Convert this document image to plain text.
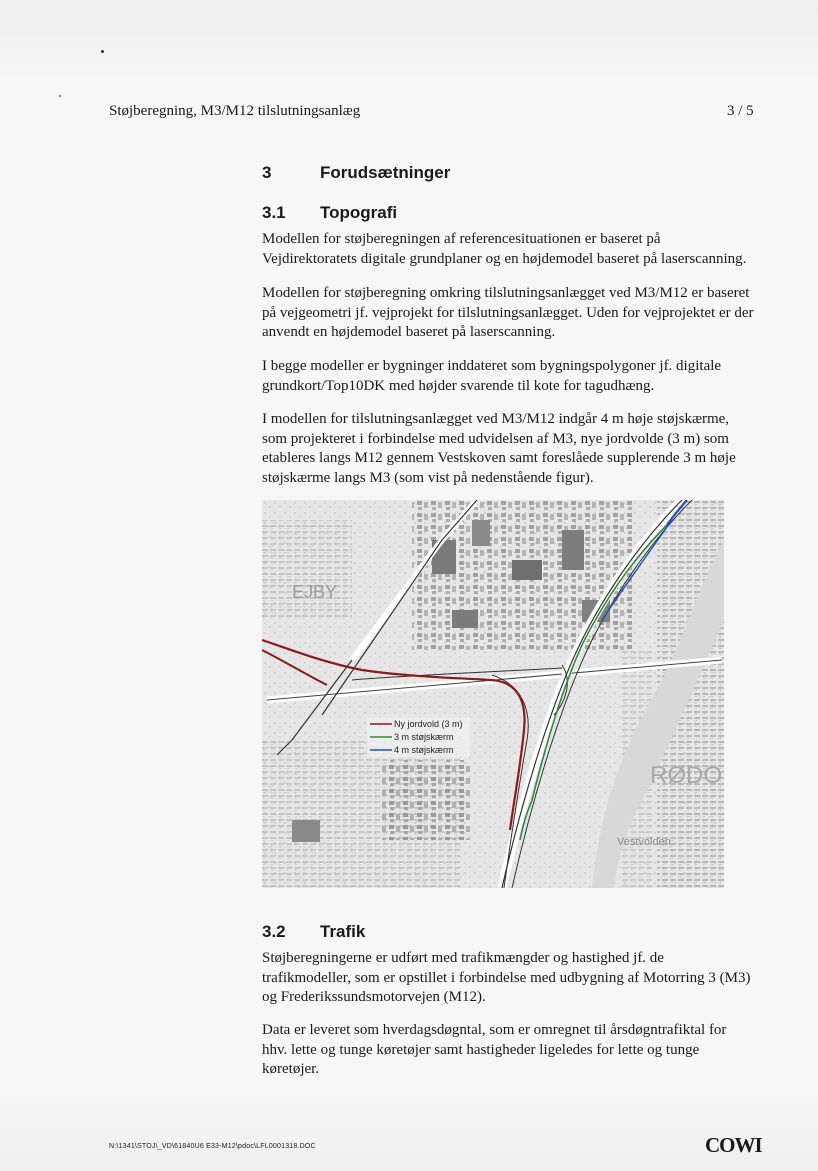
Støjberegning, M3/M12 tilslutningsanlæg	3 / 5
3	Forudsætninger
3.1 Topografi
Modellen for støjberegningen af referencesituationen er baseret på Vejdirektoratets digitale grundplaner og en højdemodel baseret på laserscanning.
Modellen for støjberegning omkring tilslutningsanlægget ved M3/M12 er baseret på vejgeometri jf. vejprojekt for tilslutningsanlægget. Uden for vejprojektet er der anvendt en højdemodel baseret på laserscanning.
I begge modeller er bygninger inddateret som bygningspolygoner jf. digitale grundkort/Top10DK med højder svarende til kote for tagudhæng.
I modellen for tilslutningsanlægget ved M3/M12 indgår 4 m høje støjskærme, som projekteret i forbindelse med udvidelsen af M3, nye jordvolde (3 m) som etableres langs M12 gennem Vestskoven samt foreslåede supplerende 3 m høje støjskærme langs M3 (som vist på nedenstående figur).
EJBY
RØDO
Vestvolden
Ny jordvold (3 m)
3 m støjskærm
4 m støjskærm
3.2 Trafik
Støjberegningerne er udført med trafikmængder og hastighed jf. de trafikmodeller, som er opstillet i forbindelse med udbygning af Motorring 3 (M3) og Frederikssundsmotorvejen (M12).
Data er leveret som hverdagsdøgntal, som er omregnet til årsdøgntrafiktal for hhv. lette og tunge køretøjer samt hastigheder ligeledes for lette og tunge køretøjer.
N:\1341\STOJ\_VD\61840U6 E33-M12\pdoc\LFL0001318.DOC	COWI
